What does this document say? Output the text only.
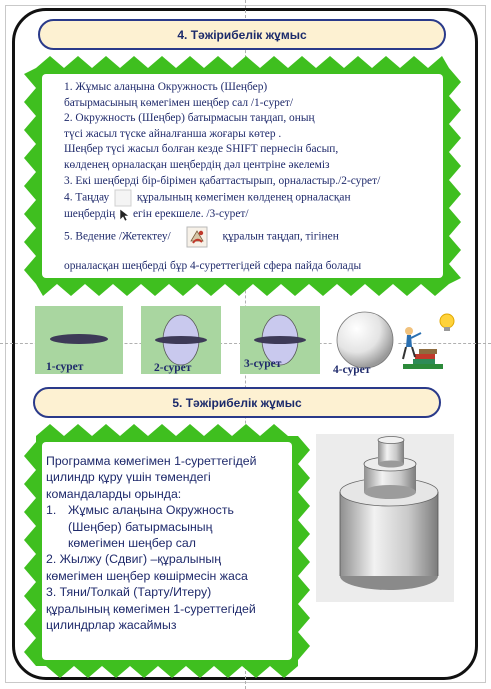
4. Тәжірибелік жұмыс

1. Жұмыс алаңына Окружность (Шеңбер)

батырмасының көмегімен шеңбер сал /1-сурет/

2. Окружность (Шеңбер) батырмасын таңдап, оның

түсі жасыл түске айналғанша жоғары көтер .

Шеңбер түсі жасыл болған кезде SHIFT пернесін басып,

көлденең орналасқан шеңбердің дәл центріне әкелеміз

3. Екі шеңберді бір-бірімен қабаттастырып, орналастыр./2-сурет/

4. Таңдау құралының көмегімен көлденең орналасқан

шеңбердің егін ерекшеле. /3-сурет/

5. Ведение /Жетектеу/	құралын таңдап, тігінен

орналасқан шеңберді бұр 4-суреттегідей сфера пайда болады

1-сурет	2-сурет	3-сурет	4-сурет
5. Тәжірибелік жұмыс

Программа көмегімен 1-суреттегідей

цилиндр құру үшін төмендегі

командаларды орында:

1. Жұмыс алаңына Окружность

(Шеңбер) батырмасының

көмегімен шеңбер сал

2. Жылжу (Сдвиг) –құралының

көмегімен шеңбер көшірмесін жаса

3. Тяни/Толкай (Тарту/Итеру)

құралының көмегімен 1-суреттегідей

цилиндрлар жасаймыз
